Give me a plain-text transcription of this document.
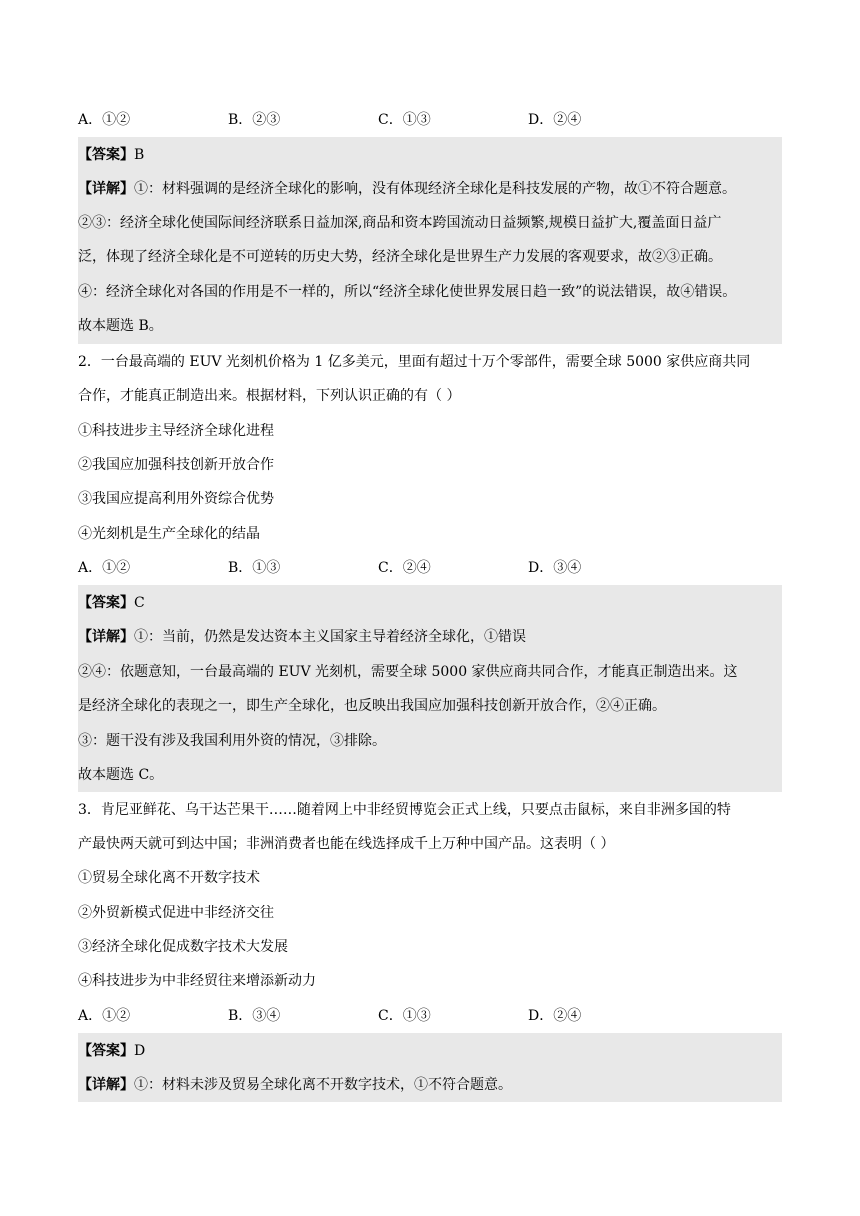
A．①②	B．②③	C．①③	D．②④
【答案】B
【详解】①：材料强调的是经济全球化的影响，没有体现经济全球化是科技发展的产物，故①不符合题意。
②③：经济全球化使国际间经济联系日益加深,商品和资本跨国流动日益频繁,规模日益扩大,覆盖面日益广
泛，体现了经济全球化是不可逆转的历史大势，经济全球化是世界生产力发展的客观要求，故②③正确。
④：经济全球化对各国的作用是不一样的，所以“经济全球化使世界发展日趋一致”的说法错误，故④错误。
故本题选 B。
2．一台最高端的 EUV 光刻机价格为 1 亿多美元，里面有超过十万个零部件，需要全球 5000 家供应商共同
合作，才能真正制造出来。根据材料，下列认识正确的有（ ）
①科技进步主导经济全球化进程
②我国应加强科技创新开放合作
③我国应提高利用外资综合优势
④光刻机是生产全球化的结晶
A．①②	B．①③	C．②④	D．③④
【答案】C
【详解】①：当前，仍然是发达资本主义国家主导着经济全球化，①错误
②④：依题意知，一台最高端的 EUV 光刻机，需要全球 5000 家供应商共同合作，才能真正制造出来。这
是经济全球化的表现之一，即生产全球化，也反映出我国应加强科技创新开放合作，②④正确。
③：题干没有涉及我国利用外资的情况，③排除。
故本题选 C。
3．肯尼亚鲜花、乌干达芒果干……随着网上中非经贸博览会正式上线，只要点击鼠标，来自非洲多国的特
产最快两天就可到达中国；非洲消费者也能在线选择成千上万种中国产品。这表明（ ）
①贸易全球化离不开数字技术
②外贸新模式促进中非经济交往
③经济全球化促成数字技术大发展
④科技进步为中非经贸往来增添新动力
A．①②	B．③④	C．①③	D．②④
【答案】D
【详解】①：材料未涉及贸易全球化离不开数字技术，①不符合题意。
